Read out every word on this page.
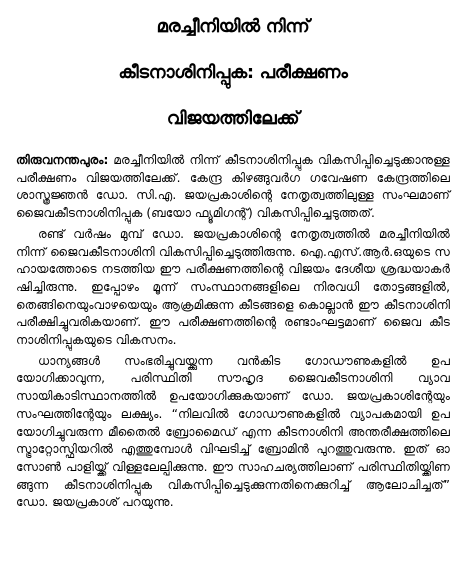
മരച്ചീനിയിൽ നിന്ന്
കീടനാശിനിപ്പുക: പരീക്ഷണം
വിജയത്തിലേക്ക്

തിരുവനന്തപുരം: മരച്ചീനിയിൽ നിന്ന് കീടനാശിനിപ്പുക വികസിപ്പിച്ചെടുക്കാനുള്ള പരീക്ഷണം വിജയത്തിലേക്ക്. കേന്ദ്ര കിഴങ്ങുവർഗ ഗവേഷണ കേന്ദ്രത്തിലെ ശാസ്ത്രജ്ഞൻ ഡോ. സി.എ. ജയപ്രകാശിന്റെ നേതൃത്വത്തിലുള്ള സംഘമാണ് ജൈവകീടനാശിനിപ്പുക (ബയോ ഫ്യൂമിഗന്റ്) വികസിപ്പിച്ചെടുത്തത്.

രണ്ട് വർഷം മുമ്പ് ഡോ. ജയപ്രകാശിന്റെ നേതൃത്വത്തിൽ മരച്ചീനിയിൽ നിന്ന് ജൈവകീടനാശിനി വികസിപ്പിച്ചെടുത്തിരുന്നു. ഐ.എസ്.ആർ.ഒയുടെ സഹായത്തോടെ നടത്തിയ ഈ പരീക്ഷണത്തിന്റെ വിജയം ദേശീയ ശ്രദ്ധയാകർഷിച്ചിരുന്നു. ഇപ്പോഴം മൂന്ന് സംസ്ഥാനങ്ങളിലെ നിരവധി തോട്ടങ്ങളിൽ, തെങ്ങിനെയുംവാഴയെയും ആക്രമിക്കുന്ന കീടങ്ങളെ കൊല്ലാൻ ഈ കീടനാശിനി പരീക്ഷിച്ചുവരികയാണ്. ഈ പരീക്ഷണത്തിന്റെ രണ്ടാംഘട്ടമാണ് ജൈവ കീടനാശിനിപ്പുകയുടെ വികസനം.

ധാന്യങ്ങൾ സംഭരിച്ചുവയ്ക്കുന്ന വൻകിട ഗോഡൗണുകളിൽ ഉപയോഗിക്കാവുന്ന, പരിസ്ഥിതി സൗഹൃദ ജൈവകീടനാശിനി വ്യാവസായികാടിസ്ഥാനത്തിൽ ഉപയോഗിക്കുകയാണ് ഡോ. ജയപ്രകാശിന്റേയും സംഘത്തിന്റേയും ലക്ഷ്യം. “നിലവിൽ ഗോഡൗണുകളിൽ വ്യാപകമായി ഉപയോഗിച്ചുവരുന്ന മീതൈൽ ബ്രോമൈഡ് എന്ന കീടനാശിനി അന്തരീക്ഷത്തിലെ സ്ട്രാറ്റോസ്ഫിയറിൽ എത്തുമ്പോൾ വിഘടിച്ച് ബ്രോമിൻ പുറത്തുവരുന്നു. ഇത് ഓസോൺ പാളിയ്ക്ക് വിള്ളലേല്പിക്കുന്നു. ഈ സാഹചര്യത്തിലാണ് പരിസ്ഥിതിയ്ക്കിണങ്ങുന്ന കീടനാശിനിപ്പുക വികസിപ്പിച്ചെടുക്കുന്നതിനെക്കുറിച്ച് ആലോചിച്ചത്” ഡോ. ജയപ്രകാശ് പറയുന്നു.
